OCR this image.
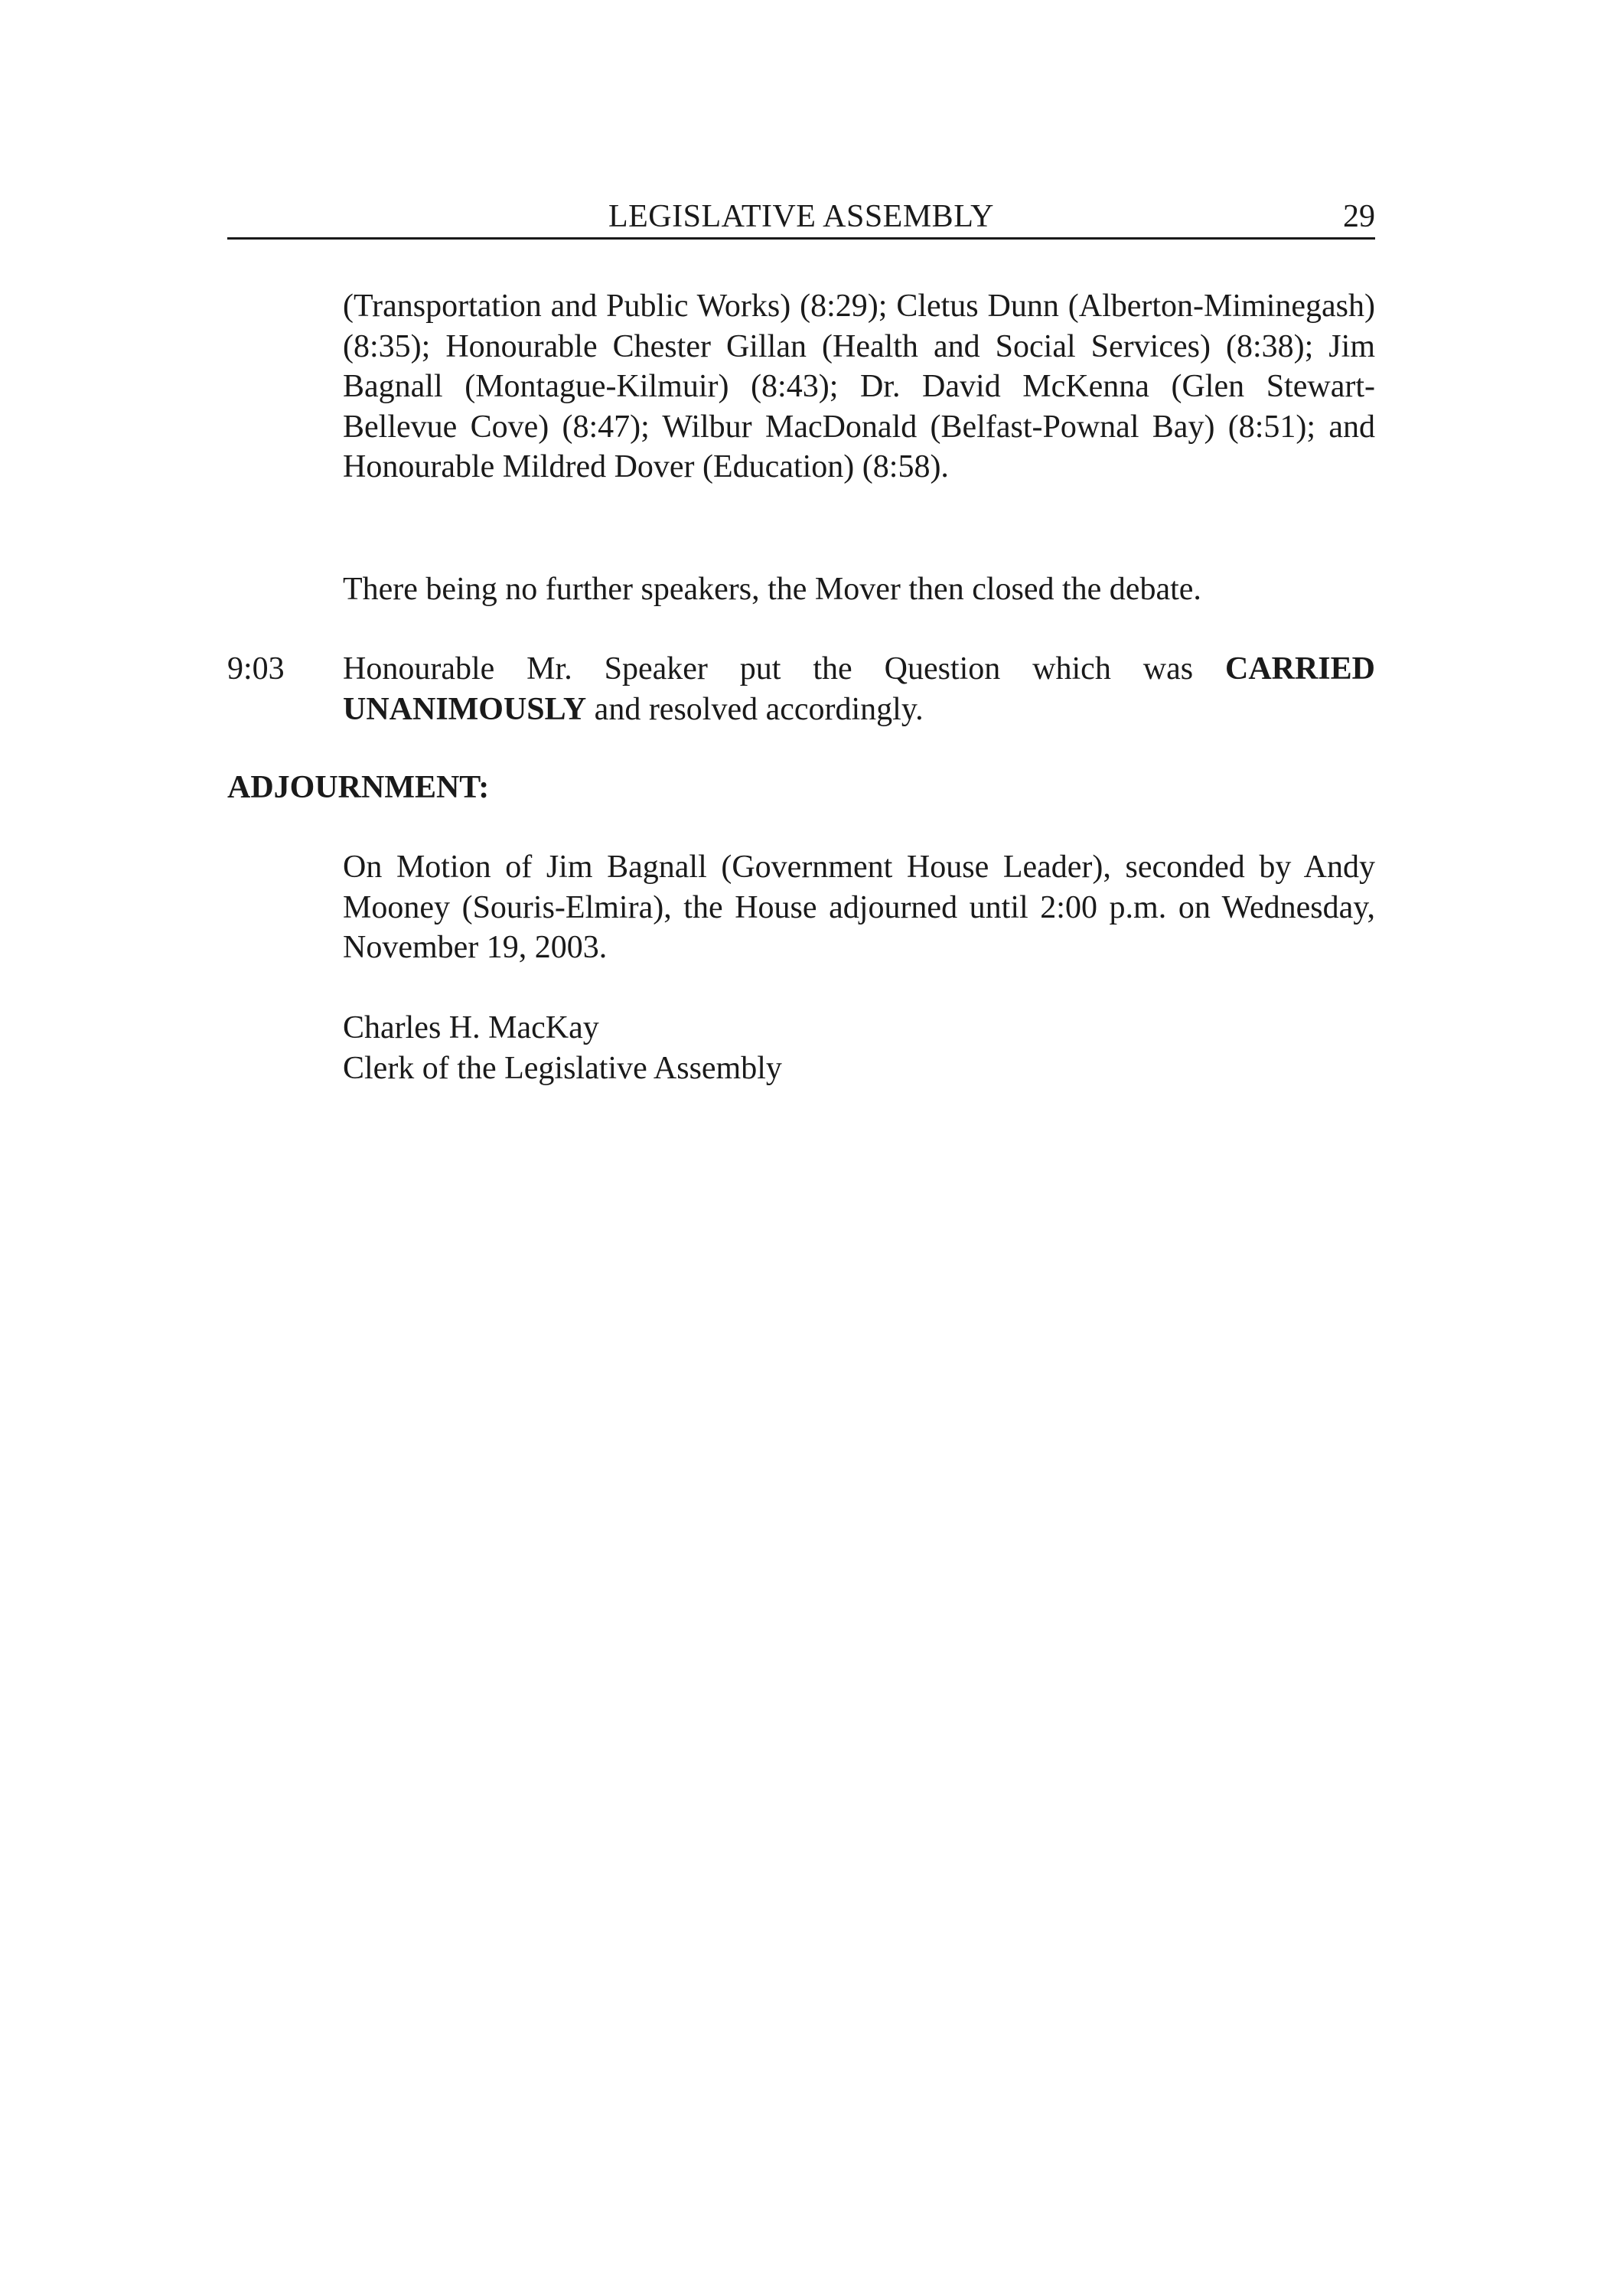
LEGISLATIVE ASSEMBLY	29

(Transportation and Public Works) (8:29); Cletus Dunn (Alberton-Miminegash) (8:35); Honourable Chester Gillan (Health and Social Services) (8:38); Jim Bagnall (Montague-Kilmuir) (8:43); Dr. David McKenna (Glen Stewart-Bellevue Cove) (8:47); Wilbur MacDonald (Belfast-Pownal Bay) (8:51); and Honourable Mildred Dover (Education) (8:58).

There being no further speakers, the Mover then closed the debate.

9:03 Honourable Mr. Speaker put the Question which was CARRIED UNANIMOUSLY and resolved accordingly.

ADJOURNMENT:

On Motion of Jim Bagnall (Government House Leader), seconded by Andy Mooney (Souris-Elmira), the House adjourned until 2:00 p.m. on Wednesday, November 19, 2003.

Charles H. MacKay
Clerk of the Legislative Assembly
